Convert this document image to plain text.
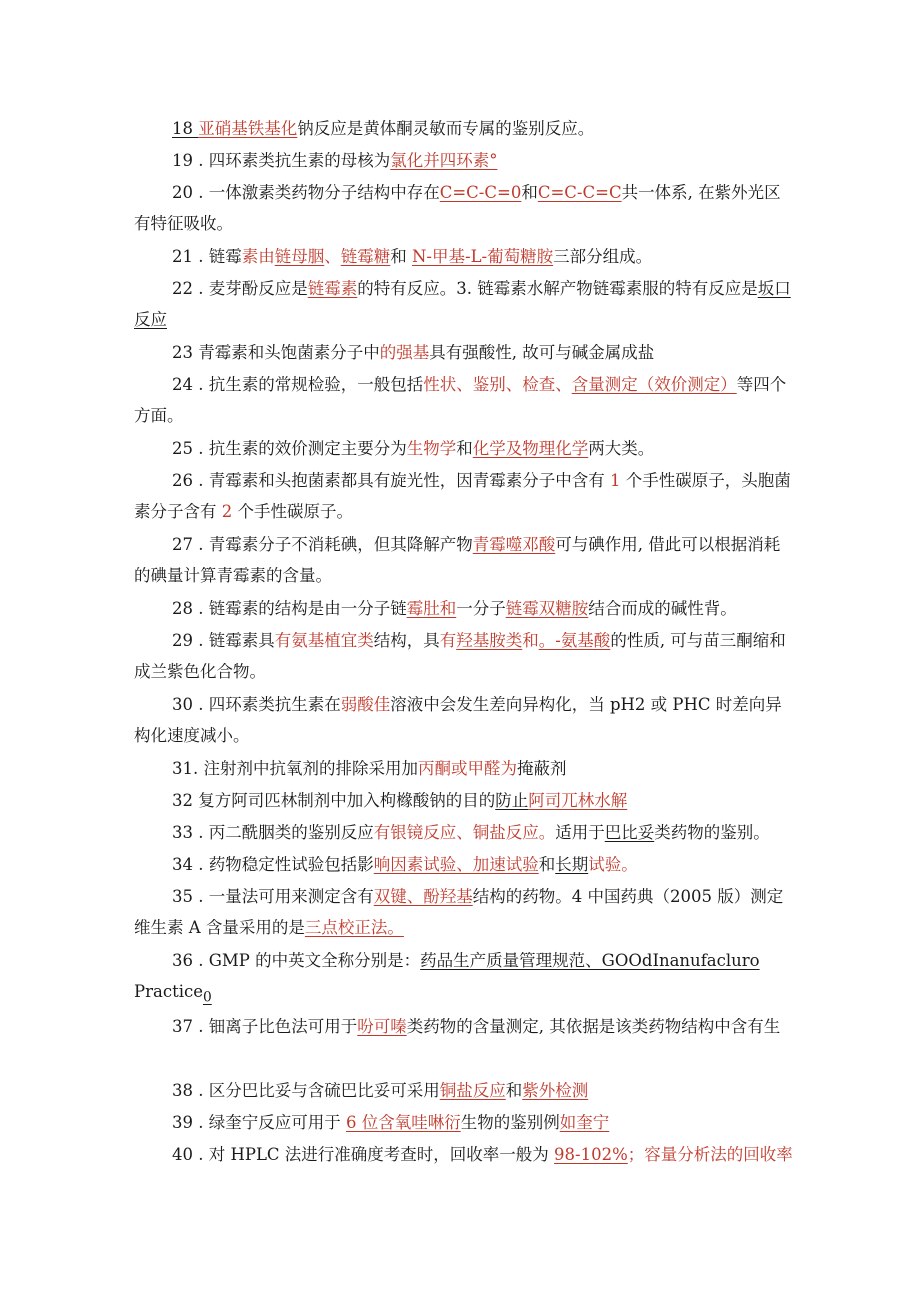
18 亚硝基铁基化钠反应是黄体酮灵敏而专属的鉴别反应。
19 . 四环素类抗生素的母核为氯化并四环素°
20 . 一体激素类药物分子结构中存在C=C-C=0和C=C-C=C共一体系, 在紫外光区有特征吸收。
21 . 链霉素由链母胭、链霉糖和 N-甲基-L-葡萄糖胺三部分组成。
22 . 麦芽酚反应是链霉素的特有反应。3. 链霉素水解产物链霉素服的特有反应是坂口反应
23 青霉素和头饱菌素分子中的强基具有强酸性, 故可与碱金属成盐
24 . 抗生素的常规检验，一般包括性状、鉴别、检查、含量测定（效价测定）等四个方面。
25 . 抗生素的效价测定主要分为生物学和化学及物理化学两大类。
26 . 青霉素和头抱菌素都具有旋光性，因青霉素分子中含有 1 个手性碳原子，头胞菌素分子含有 2 个手性碳原子。
27 . 青霉素分子不消耗碘，但其降解产物青霉噬邓酸可与碘作用, 借此可以根据消耗的碘量计算青霉素的含量。
28 . 链霉素的结构是由一分子链霉肚和一分子链霉双糖胺结合而成的碱性背。
29 . 链霉素具有氨基植宜类结构，具有羟基胺类和。-氨基酸的性质, 可与苗三酮缩和成兰紫色化合物。
30 . 四环素类抗生素在弱酸佳溶液中会发生差向异构化，当 pH2 或 PHC 时差向异构化速度减小。
31. 注射剂中抗氧剂的排除采用加丙酮或甲醛为掩蔽剂
32 复方阿司匹林制剂中加入枸橼酸钠的目的防止阿司兀林水解
33 . 丙二酰胭类的鉴别反应有银镜反应、铜盐反应。适用于巴比妥类药物的鉴别。
34 . 药物稳定性试验包括影响因素试验、加速试验和长期试验。
35 . 一量法可用来测定含有双键、酚羟基结构的药物。4 中国药典（2005 版）测定维生素 A 含量采用的是三点校正法。
36 . GMP 的中英文全称分别是：药品生产质量管理规范、GOOdInanufacluro Practice$_0$
37 . 钿离子比色法可用于吩可嗪类药物的含量测定, 其依据是该类药物结构中含有生
38 . 区分巴比妥与含硫巴比妥可采用铜盐反应和紫外检测
39 . 绿奎宁反应可用于 6 位含氧哇啉衍生物的鉴别例如奎宁
40 . 对 HPLC 法进行准确度考查时，回收率一般为 98-102%；容量分析法的回收率
